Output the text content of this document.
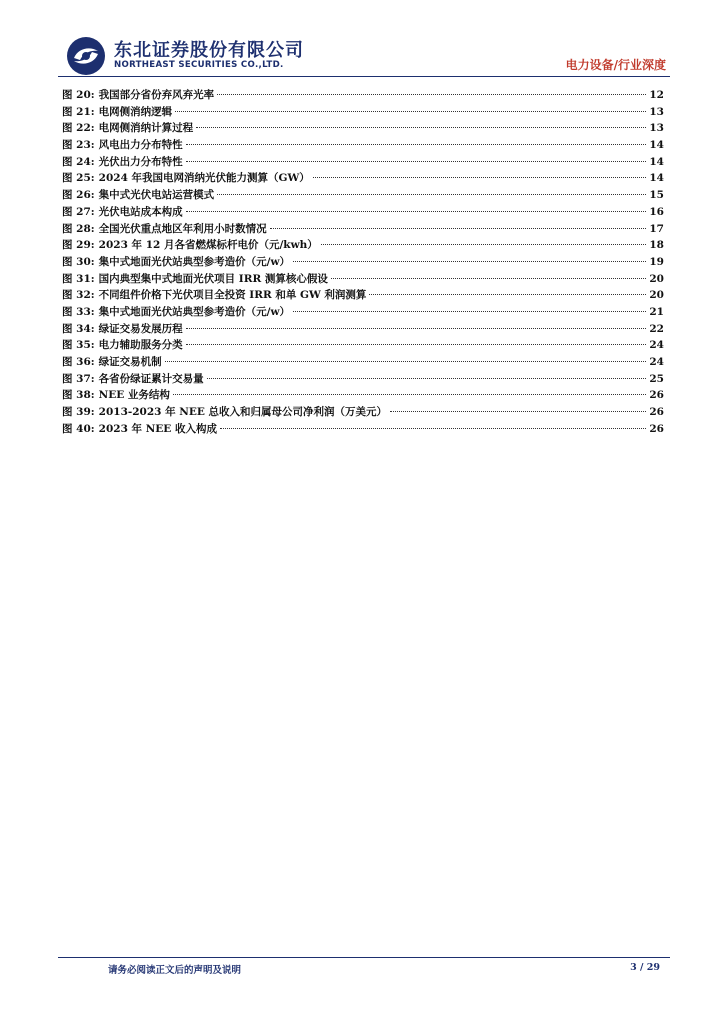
东北证券股份有限公司
NORTHEAST SECURITIES CO.,LTD.	电力设备/行业深度
图 20: 我国部分省份弃风弃光率	12
图 21: 电网侧消纳逻辑	13
图 22: 电网侧消纳计算过程	13
图 23: 风电出力分布特性	14
图 24: 光伏出力分布特性	14
图 25: 2024 年我国电网消纳光伏能力测算（GW）	14
图 26: 集中式光伏电站运营模式	15
图 27: 光伏电站成本构成	16
图 28: 全国光伏重点地区年利用小时数情况	17
图 29: 2023 年 12 月各省燃煤标杆电价（元/kwh）	18
图 30: 集中式地面光伏站典型参考造价（元/w）	19
图 31: 国内典型集中式地面光伏项目 IRR 测算核心假设	20
图 32: 不同组件价格下光伏项目全投资 IRR 和单 GW 利润测算	20
图 33: 集中式地面光伏站典型参考造价（元/w）	21
图 34: 绿证交易发展历程	22
图 35: 电力辅助服务分类	24
图 36: 绿证交易机制	24
图 37: 各省份绿证累计交易量	25
图 38: NEE 业务结构	26
图 39: 2013-2023 年 NEE 总收入和归属母公司净利润（万美元）	26
图 40: 2023 年 NEE 收入构成	26
请务必阅读正文后的声明及说明	3 / 29
